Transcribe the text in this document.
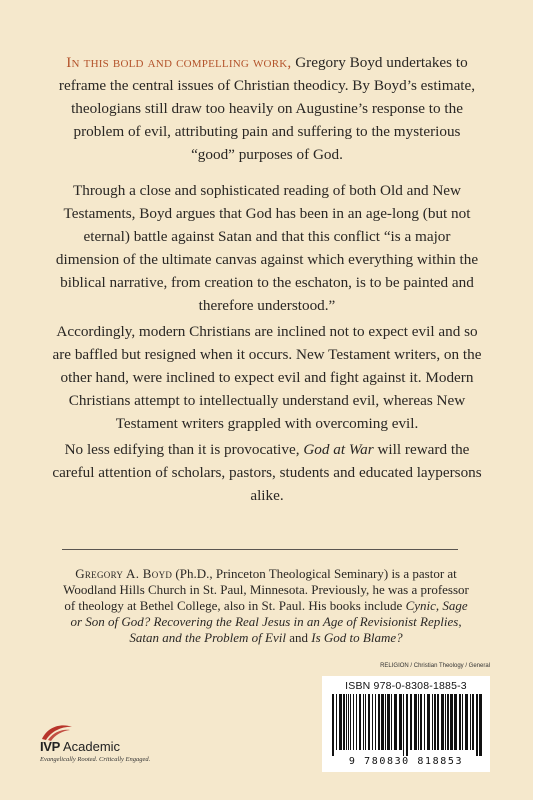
In this bold and compelling work, Gregory Boyd undertakes to reframe the central issues of Christian theodicy. By Boyd’s estimate, theologians still draw too heavily on Augustine’s response to the problem of evil, attributing pain and suffering to the mysterious “good” purposes of God.

Through a close and sophisticated reading of both Old and New Testaments, Boyd argues that God has been in an age-long (but not eternal) battle against Satan and that this conflict “is a major dimension of the ultimate canvas against which everything within the biblical narrative, from creation to the eschaton, is to be painted and therefore understood.”

Accordingly, modern Christians are inclined not to expect evil and so are baffled but resigned when it occurs. New Testament writers, on the other hand, were inclined to expect evil and fight against it. Modern Christians attempt to intellectually understand evil, whereas New Testament writers grappled with overcoming evil.

No less edifying than it is provocative, God at War will reward the careful attention of scholars, pastors, students and educated laypersons alike.

Gregory A. Boyd (Ph.D., Princeton Theological Seminary) is a pastor at Woodland Hills Church in St. Paul, Minnesota. Previously, he was a professor of theology at Bethel College, also in St. Paul. His books include Cynic, Sage or Son of God? Recovering the Real Jesus in an Age of Revisionist Replies, Satan and the Problem of Evil and Is God to Blame?

RELIGION / Christian Theology / General
ISBN 978-0-8308-1885-3
9 780830 818853
IVP Academic
Evangelically Rooted. Critically Engaged.
